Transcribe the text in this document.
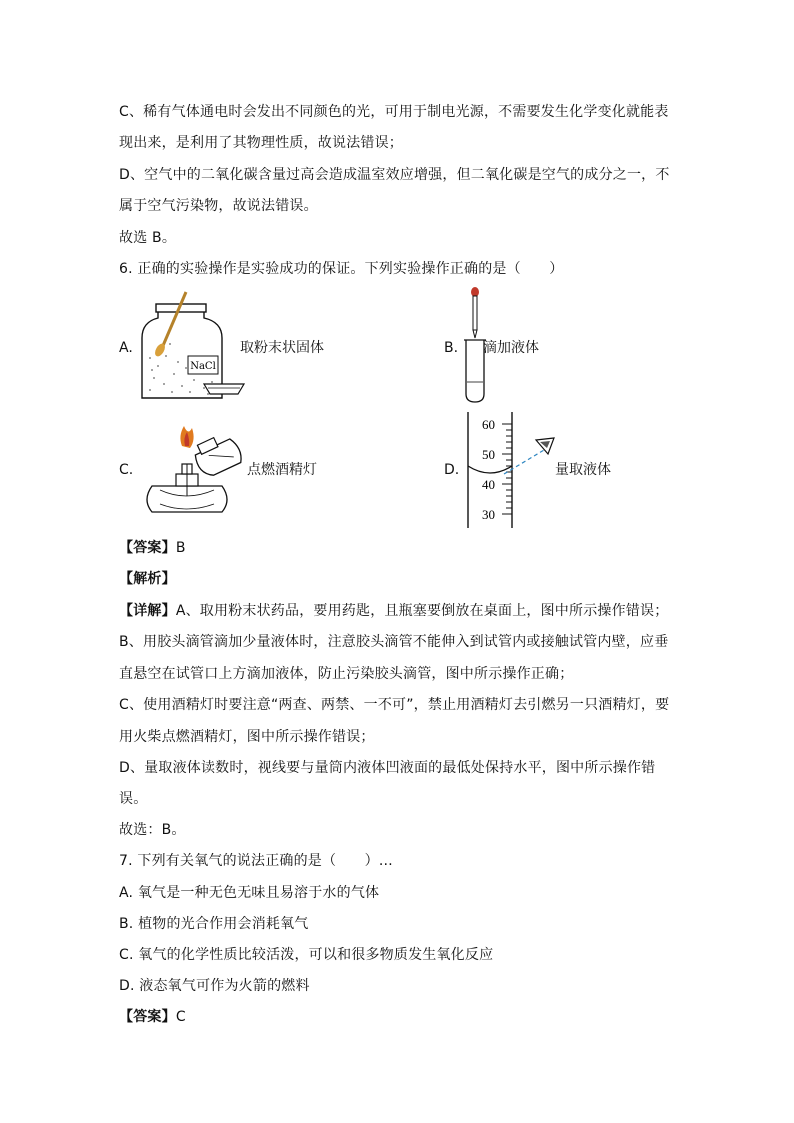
C、稀有气体通电时会发出不同颜色的光，可用于制电光源，不需要发生化学变化就能表
现出来，是利用了其物理性质，故说法错误；
D、空气中的二氧化碳含量过高会造成温室效应增强，但二氧化碳是空气的成分之一，不
属于空气污染物，故说法错误。
故选 B。
6. 正确的实验操作是实验成功的保证。下列实验操作正确的是（　　）
A.
NaCl
取粉末状固体	B. 滴加液体
C.	点燃酒精灯	D.
60
50
40
30
量取液体
【答案】B
【解析】
【详解】A、取用粉末状药品，要用药匙，且瓶塞要倒放在桌面上，图中所示操作错误；
B、用胶头滴管滴加少量液体时，注意胶头滴管不能伸入到试管内或接触试管内壁，应垂
直悬空在试管口上方滴加液体，防止污染胶头滴管，图中所示操作正确；
C、使用酒精灯时要注意“两查、两禁、一不可”，禁止用酒精灯去引燃另一只酒精灯，要
用火柴点燃酒精灯，图中所示操作错误；
D、量取液体读数时，视线要与量筒内液体凹液面的最低处保持水平，图中所示操作错
误。
故选：B。
7. 下列有关氧气的说法正确的是（　　）…
A. 氧气是一种无色无味且易溶于水的气体
B. 植物的光合作用会消耗氧气
C. 氧气的化学性质比较活泼，可以和很多物质发生氧化反应
D. 液态氧气可作为火箭的燃料
【答案】C
